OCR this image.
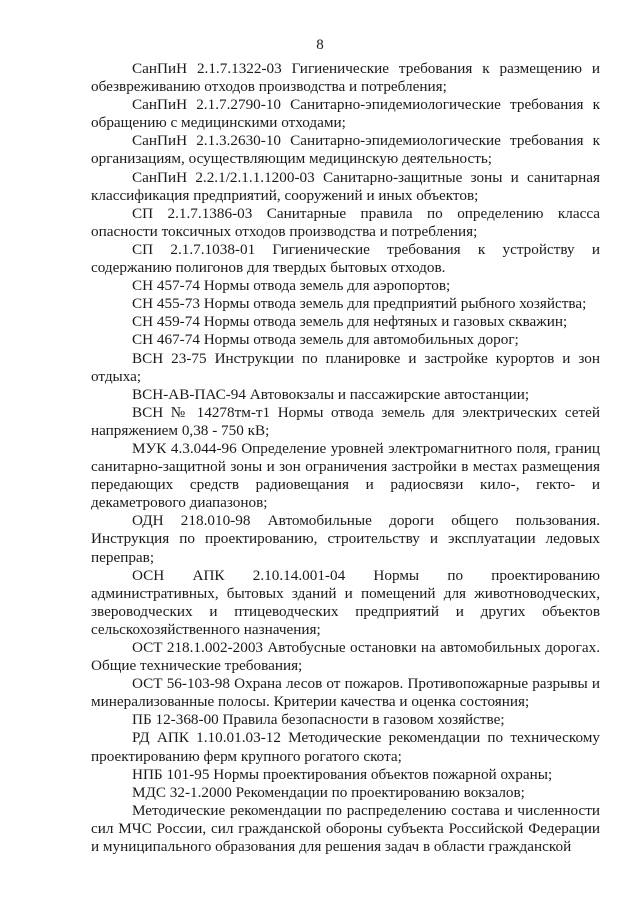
8

СанПиН 2.1.7.1322-03 Гигиенические требования к размещению и обезвреживанию отходов производства и потребления;

СанПиН 2.1.7.2790-10 Санитарно-эпидемиологические требования к обращению с медицинскими отходами;

СанПиН 2.1.3.2630-10 Санитарно-эпидемиологические требования к организациям, осуществляющим медицинскую деятельность;

СанПиН 2.2.1/2.1.1.1200-03 Санитарно-защитные зоны и санитарная классификация предприятий, сооружений и иных объектов;

СП 2.1.7.1386-03 Санитарные правила по определению класса опасности токсичных отходов производства и потребления;

СП 2.1.7.1038-01 Гигиенические требования к устройству и содержанию полигонов для твердых бытовых отходов.

СН 457-74 Нормы отвода земель для аэропортов;

СН 455-73 Нормы отвода земель для предприятий рыбного хозяйства;

СН 459-74 Нормы отвода земель для нефтяных и газовых скважин;

СН 467-74 Нормы отвода земель для автомобильных дорог;

ВСН 23-75 Инструкции по планировке и застройке курортов и зон отдыха;

ВСН-АВ-ПАС-94 Автовокзалы и пассажирские автостанции;

ВСН № 14278тм-т1 Нормы отвода земель для электрических сетей напряжением 0,38 - 750 кВ;

МУК 4.3.044-96 Определение уровней электромагнитного поля, границ санитарно-защитной зоны и зон ограничения застройки в местах размещения передающих средств радиовещания и радиосвязи кило-, гекто- и декаметрового диапазонов;

ОДН 218.010-98 Автомобильные дороги общего пользования. Инструкция по проектированию, строительству и эксплуатации ледовых переправ;

ОСН АПК 2.10.14.001-04 Нормы по проектированию административных, бытовых зданий и помещений для животноводческих, звероводческих и птицеводческих предприятий и других объектов сельскохозяйственного назначения;

ОСТ 218.1.002-2003 Автобусные остановки на автомобильных дорогах. Общие технические требования;

ОСТ 56-103-98 Охрана лесов от пожаров. Противопожарные разрывы и минерализованные полосы. Критерии качества и оценка состояния;

ПБ 12-368-00 Правила безопасности в газовом хозяйстве;

РД АПК 1.10.01.03-12 Методические рекомендации по техническому проектированию ферм крупного рогатого скота;

НПБ 101-95 Нормы проектирования объектов пожарной охраны;

МДС 32-1.2000 Рекомендации по проектированию вокзалов;

Методические рекомендации по распределению состава и численности сил МЧС России, сил гражданской обороны субъекта Российской Федерации и муниципального образования для решения задач в области гражданской
